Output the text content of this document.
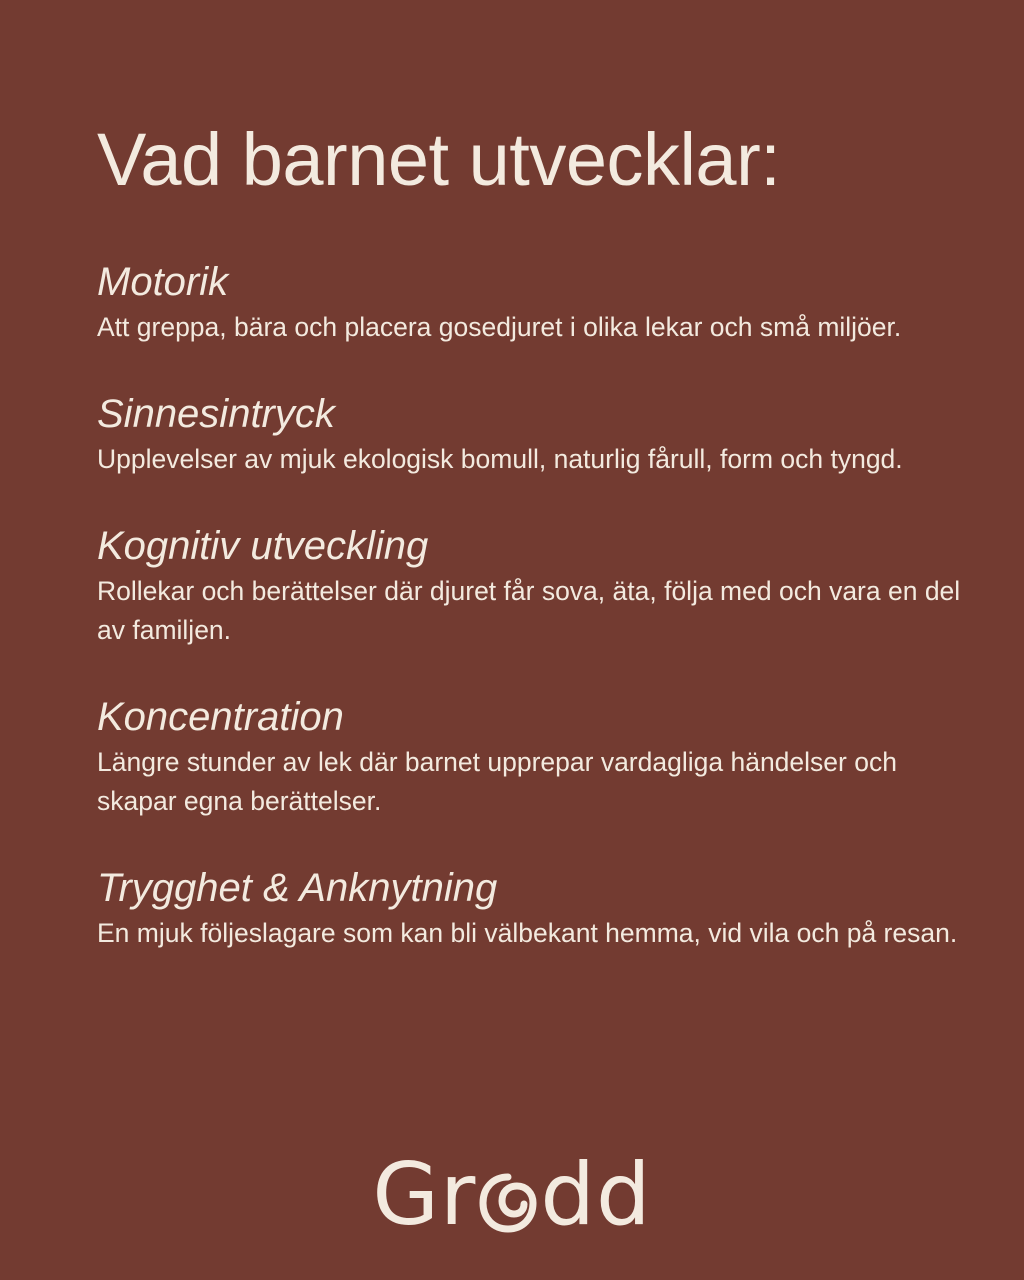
Vad barnet utvecklar:
Motorik

Att greppa, bära och placera gosedjuret i olika lekar och små miljöer.

Sinnesintryck

Upplevelser av mjuk ekologisk bomull, naturlig fårull, form och tyngd.

Kognitiv utveckling

Rollekar och berättelser där djuret får sova, äta, följa med och vara en del av familjen.

Koncentration

Längre stunder av lek där barnet upprepar vardagliga händelser och skapar egna berättelser.

Trygghet & Anknytning

En mjuk följeslagare som kan bli välbekant hemma, vid vila och på resan.

Gr dd
